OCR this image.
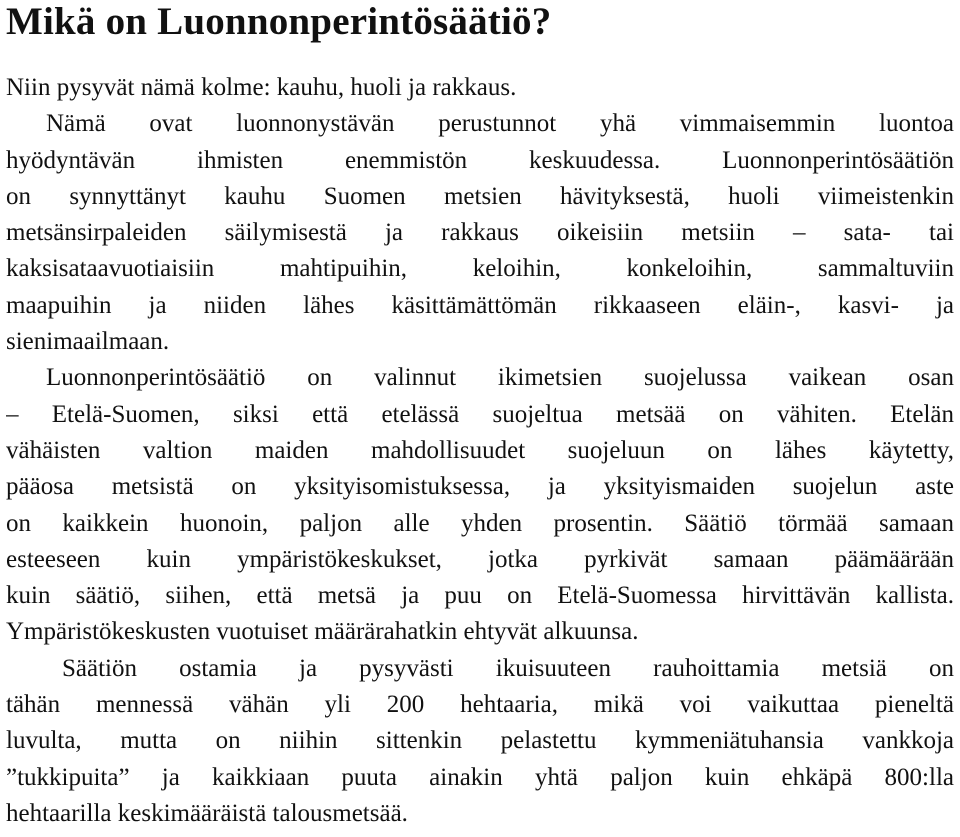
Mikä on Luonnonperintösäätiö?
Niin pysyvät nämä kolme: kauhu, huoli ja rakkaus.
Nämä ovat luonnonystävän perustunnot yhä vimmaisemmin luontoa
hyödyntävän ihmisten enemmistön keskuudessa. Luonnonperintösäätiön
on synnyttänyt kauhu Suomen metsien hävityksestä, huoli viimeistenkin
metsänsirpaleiden säilymisestä ja rakkaus oikeisiin metsiin – sata- tai
kaksisataavuotiaisiin mahtipuihin, keloihin, konkeloihin, sammaltuviin
maapuihin ja niiden lähes käsittämättömän rikkaaseen eläin-, kasvi- ja
sienimaailmaan.
Luonnonperintösäätiö on valinnut ikimetsien suojelussa vaikean osan
– Etelä-Suomen, siksi että etelässä suojeltua metsää on vähiten. Etelän
vähäisten valtion maiden mahdollisuudet suojeluun on lähes käytetty,
pääosa metsistä on yksityisomistuksessa, ja yksityismaiden suojelun aste
on kaikkein huonoin, paljon alle yhden prosentin. Säätiö törmää samaan
esteeseen kuin ympäristökeskukset, jotka pyrkivät samaan päämäärään
kuin säätiö, siihen, että metsä ja puu on Etelä-Suomessa hirvittävän kallista.
Ympäristökeskusten vuotuiset määrärahatkin ehtyvät alkuunsa.
Säätiön ostamia ja pysyvästi ikuisuuteen rauhoittamia metsiä on
tähän mennessä vähän yli 200 hehtaaria, mikä voi vaikuttaa pieneltä
luvulta, mutta on niihin sittenkin pelastettu kymmeniätuhansia vankkoja
”tukkipuita” ja kaikkiaan puuta ainakin yhtä paljon kuin ehkäpä 800:lla
hehtaarilla keskimääräistä talousmetsää.
